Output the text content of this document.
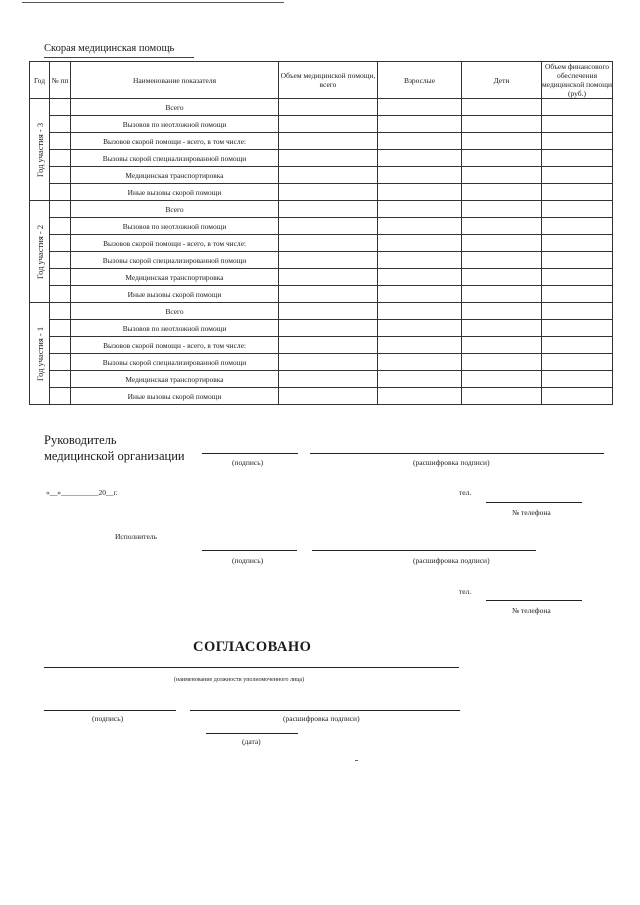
Скорая медицинская помощь
Год	№ пп	Наименование показателя	Объем медицинской помощи, всего	Взрослые	Дети	Объем финансового обеспечения медицинской помощи (руб.)

Год участия - 3		Всего				
		Вызовов по неотложной помощи				
		Вызовов скорой помощи - всего, в том числе:				
		Вызовы скорой специализированной помощи				
		Медицинская транспортировка				
		Иные вызовы скорой помощи				

Год участия - 2		Всего				
		Вызовов по неотложной помощи				
		Вызовов скорой помощи - всего, в том числе:				
		Вызовы скорой специализированной помощи				
		Медицинская транспортировка				
		Иные вызовы скорой помощи				

Год участия - 1		Всего				
		Вызовов по неотложной помощи				
		Вызовов скорой помощи - всего, в том числе:				
		Вызовы скорой специализированной помощи				
		Медицинская транспортировка				
		Иные вызовы скорой помощи				
Руководитель
медицинской организации	(подпись)	(расшифровка подписи)
«__»__________20__г.	тел.
№ телефона
Исполнитель
(подпись)	(расшифровка подписи)
тел.
№ телефона
СОГЛАСОВАНО
(наименование должности уполномоченного лица)
(подпись)	(расшифровка подписи)
(дата)
